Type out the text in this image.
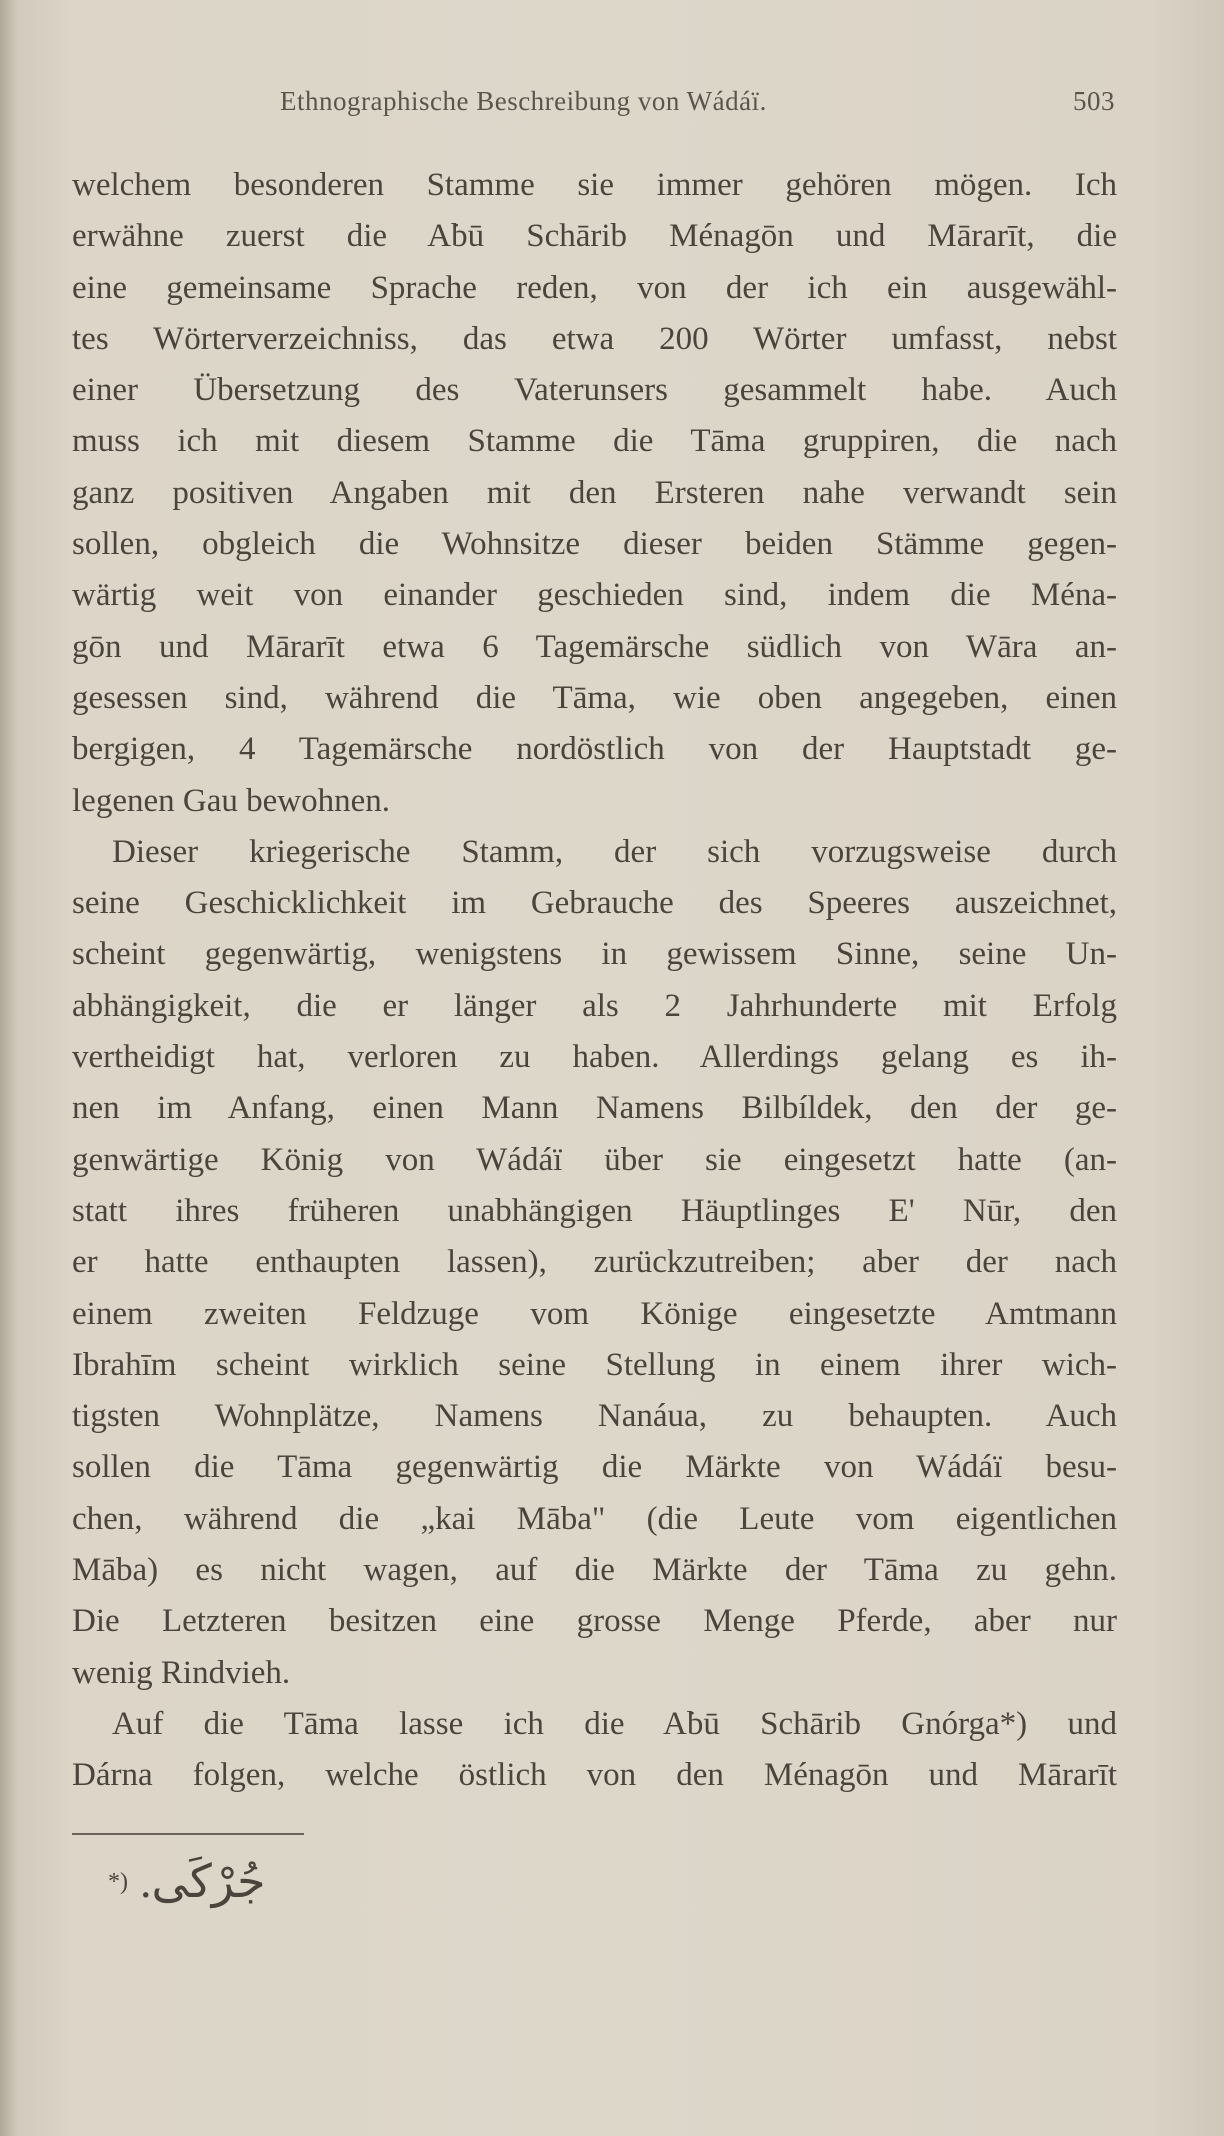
Ethnographische Beschreibung von Wádáï.	503
welchem besonderen Stamme sie immer gehören mögen. Ich
erwähne zuerst die A͘bū Schārib Ménagōn und Mārarīt, die
eine gemeinsame Sprache reden, von der ich ein ausgewähl-
tes Wörterverzeichniss, das etwa 200 Wörter umfasst, nebst
einer Übersetzung des Vaterunsers gesammelt habe. Auch
muss ich mit diesem Stamme die Tāma gruppiren, die nach
ganz positiven Angaben mit den Ersteren nahe verwandt sein
sollen, obgleich die Wohnsitze dieser beiden Stämme gegen-
wärtig weit von einander geschieden sind, indem die Ména-
gōn und Mārarīt etwa 6 Tagemärsche südlich von Wāra an-
gesessen sind, während die Tāma, wie oben angegeben, einen
bergigen, 4 Tagemärsche nordöstlich von der Hauptstadt ge-
legenen Gau bewohnen.
Dieser kriegerische Stamm, der sich vorzugsweise durch
seine Geschicklichkeit im Gebrauche des Speeres auszeichnet,
scheint gegenwärtig, wenigstens in gewissem Sinne, seine Un-
abhängigkeit, die er länger als 2 Jahrhunderte mit Erfolg
vertheidigt hat, verloren zu haben. Allerdings gelang es ih-
nen im Anfang, einen Mann Namens Bilbíldek, den der ge-
genwärtige König von Wádáï über sie eingesetzt hatte (an-
statt ihres früheren unabhängigen Häuptlinges E' Nūr, den
er hatte enthaupten lassen), zurückzutreiben; aber der nach
einem zweiten Feldzuge vom Könige eingesetzte Amtmann
Ibrahīm scheint wirklich seine Stellung in einem ihrer wich-
tigsten Wohnplätze, Namens Nanáua, zu behaupten. Auch
sollen die Tāma gegenwärtig die Märkte von Wádáï besu-
chen, während die „kai Māba" (die Leute vom eigentlichen
Māba) es nicht wagen, auf die Märkte der Tāma zu gehn.
Die Letzteren besitzen eine grosse Menge Pferde, aber nur
wenig Rindvieh.
Auf die Tāma lasse ich die A͘bū Schārib Gnórga*) und
Dárna folgen, welche östlich von den Ménagōn und Mārarīt
*) جُرْكَى.
